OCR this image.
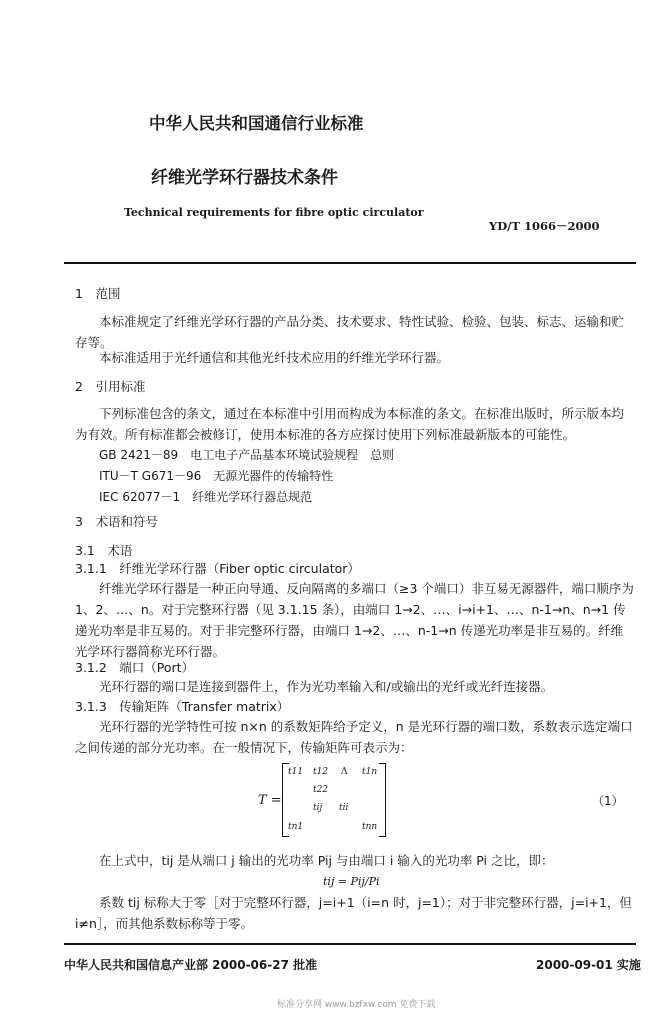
中华人民共和国通信行业标准
纤维光学环行器技术条件
Technical requirements for fibre optic circulator
YD/T 1066－2000
1　范围
本标准规定了纤维光学环行器的产品分类、技术要求、特性试验、检验、包装、标志、运输和贮存等。
本标准适用于光纤通信和其他光纤技术应用的纤维光学环行器。
2　引用标准
下列标准包含的条文，通过在本标准中引用而构成为本标准的条文。在标准出版时，所示版本均为有效。所有标准都会被修订，使用本标准的各方应探讨使用下列标准最新版本的可能性。
GB 2421－89　电工电子产品基本环境试验规程　总则
ITU－T G671－96　无源光器件的传输特性
IEC 62077－1　纤维光学环行器总规范
3　术语和符号
3.1　术语
3.1.1　纤维光学环行器（Fiber optic circulator）
纤维光学环行器是一种正向导通、反向隔离的多端口（≥3 个端口）非互易无源器件，端口顺序为 1、2、…、n。对于完整环行器（见 3.1.15 条），由端口 1→2、…、i→i+1、…、n-1→n、n→1 传递光功率是非互易的。对于非完整环行器，由端口 1→2、…、n-1→n 传递光功率是非互易的。纤维光学环行器简称光环行器。
3.1.2　端口（Port）
光环行器的端口是连接到器件上，作为光功率输入和/或输出的光纤或光纤连接器。
3.1.3　传输矩阵（Transfer matrix）
光环行器的光学特性可按 n×n 的系数矩阵给予定义，n 是光环行器的端口数，系数表示选定端口之间传递的部分光功率。在一般情况下，传输矩阵可表示为：
T =
t11 t12 Λ t1n
t22
tij tii
tn1	tnn
（1）
在上式中，tij 是从端口 j 输出的光功率 Pij 与由端口 i 输入的光功率 Pi 之比，即：
tij = Pij/Pi
系数 tij 标称大于零［对于完整环行器，j=i+1（i=n 时，j=1）；对于非完整环行器，j=i+1，但 i≠n］，而其他系数标称等于零。
中华人民共和国信息产业部 2000-06-27 批准	2000-09-01 实施
标准分享网 www.bzfxw.com 免费下载
